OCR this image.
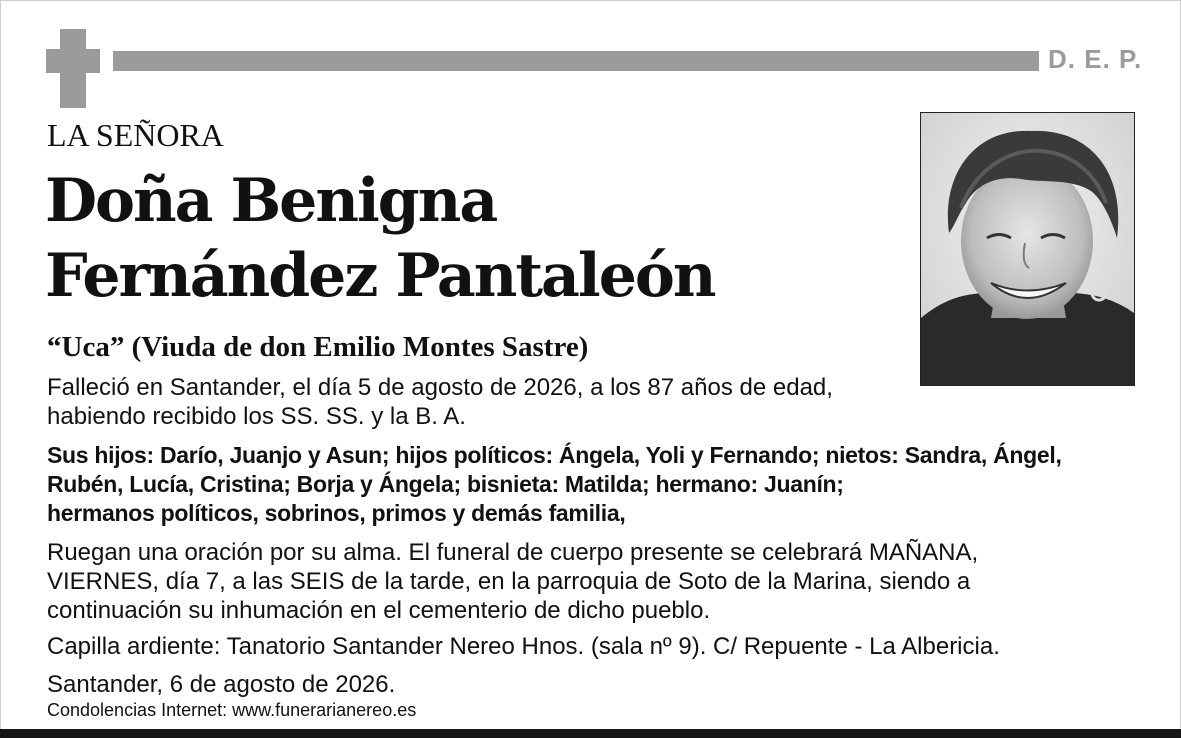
D. E. P.
LA SEÑORA
Doña Benigna
Fernández Pantaleón
“Uca” (Viuda de don Emilio Montes Sastre)
Falleció en Santander, el día 5 de agosto de 2026, a los 87 años de edad,
habiendo recibido los SS. SS. y la B. A.
Sus hijos: Darío, Juanjo y Asun; hijos políticos: Ángela, Yoli y Fernando; nietos: Sandra, Ángel,
Rubén, Lucía, Cristina; Borja y Ángela; bisnieta: Matilda; hermano: Juanín;
hermanos políticos, sobrinos, primos y demás familia,
Ruegan una oración por su alma. El funeral de cuerpo presente se celebrará MAÑANA,
VIERNES, día 7, a las SEIS de la tarde, en la parroquia de Soto de la Marina, siendo a
continuación su inhumación en el cementerio de dicho pueblo.
Capilla ardiente: Tanatorio Santander Nereo Hnos. (sala nº 9). C/ Repuente - La Albericia.
Santander, 6 de agosto de 2026.
Condolencias Internet: www.funerarianereo.es
